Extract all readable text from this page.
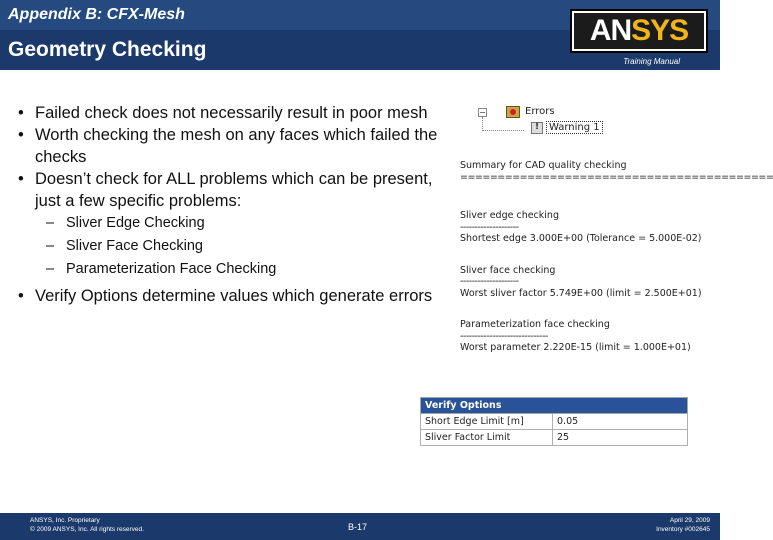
Appendix B: CFX-Mesh
Geometry Checking
AN SYS
Training Manual
• Failed check does not necessarily result in poor mesh
• Worth checking the mesh on any faces which failed the checks
• Doesn’t check for ALL problems which can be present, just a few specific problems:
– Sliver Edge Checking
– Sliver Face Checking
– Parameterization Face Checking
• Verify Options determine values which generate errors
−	Errors
!
Warning 1
Summary for CAD quality checking
==========================================
Sliver edge checking
--------------------
Shortest edge 3.000E+00 (Tolerance = 5.000E-02)
Sliver face checking
--------------------
Worst sliver factor 5.749E+00 (limit = 2.500E+01)
Parameterization face checking
------------------------------
Worst parameter 2.220E-15 (limit = 1.000E+01)
Verify Options	
Short Edge Limit [m]	0.05
Sliver Factor Limit	25
ANSYS, Inc. Proprietary
© 2009 ANSYS, Inc. All rights reserved.	B-17
April 29, 2009
Inventory #002645
